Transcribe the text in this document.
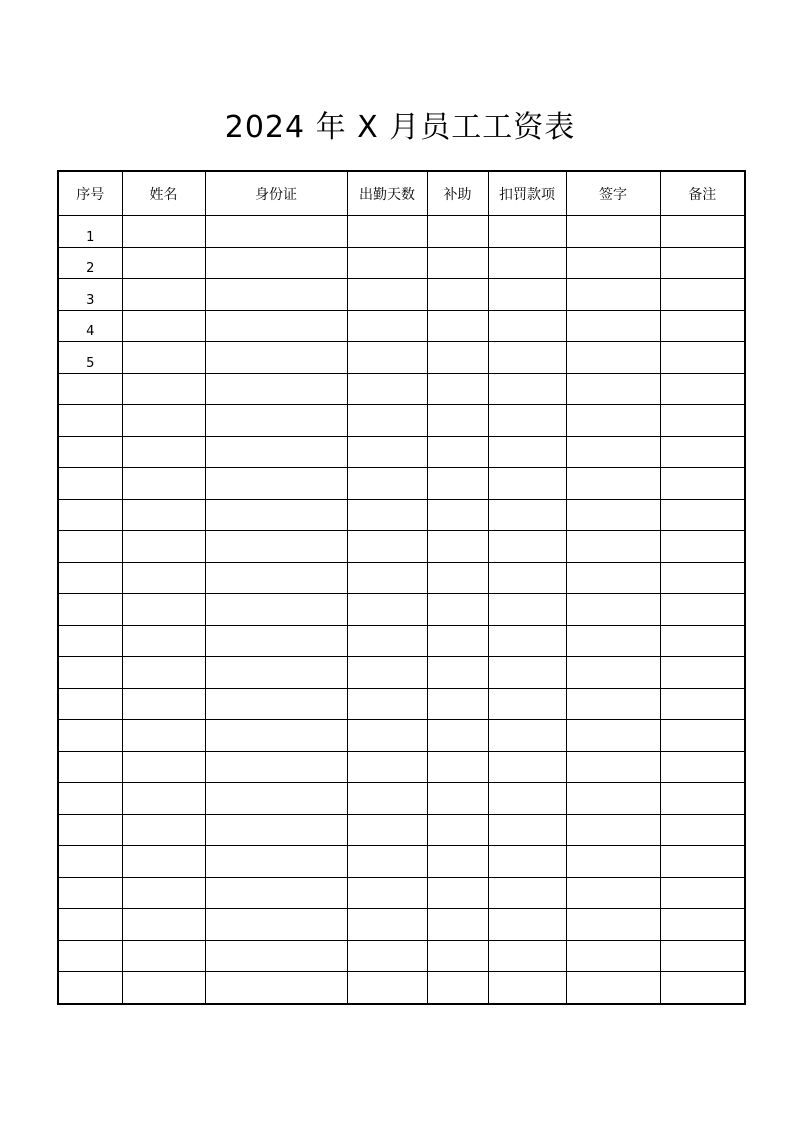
2024 年 X 月员工工资表
序号	姓名	身份证	出勤天数	补助	扣罚款项	签字	备注
1							
2							
3							
4							
5							
